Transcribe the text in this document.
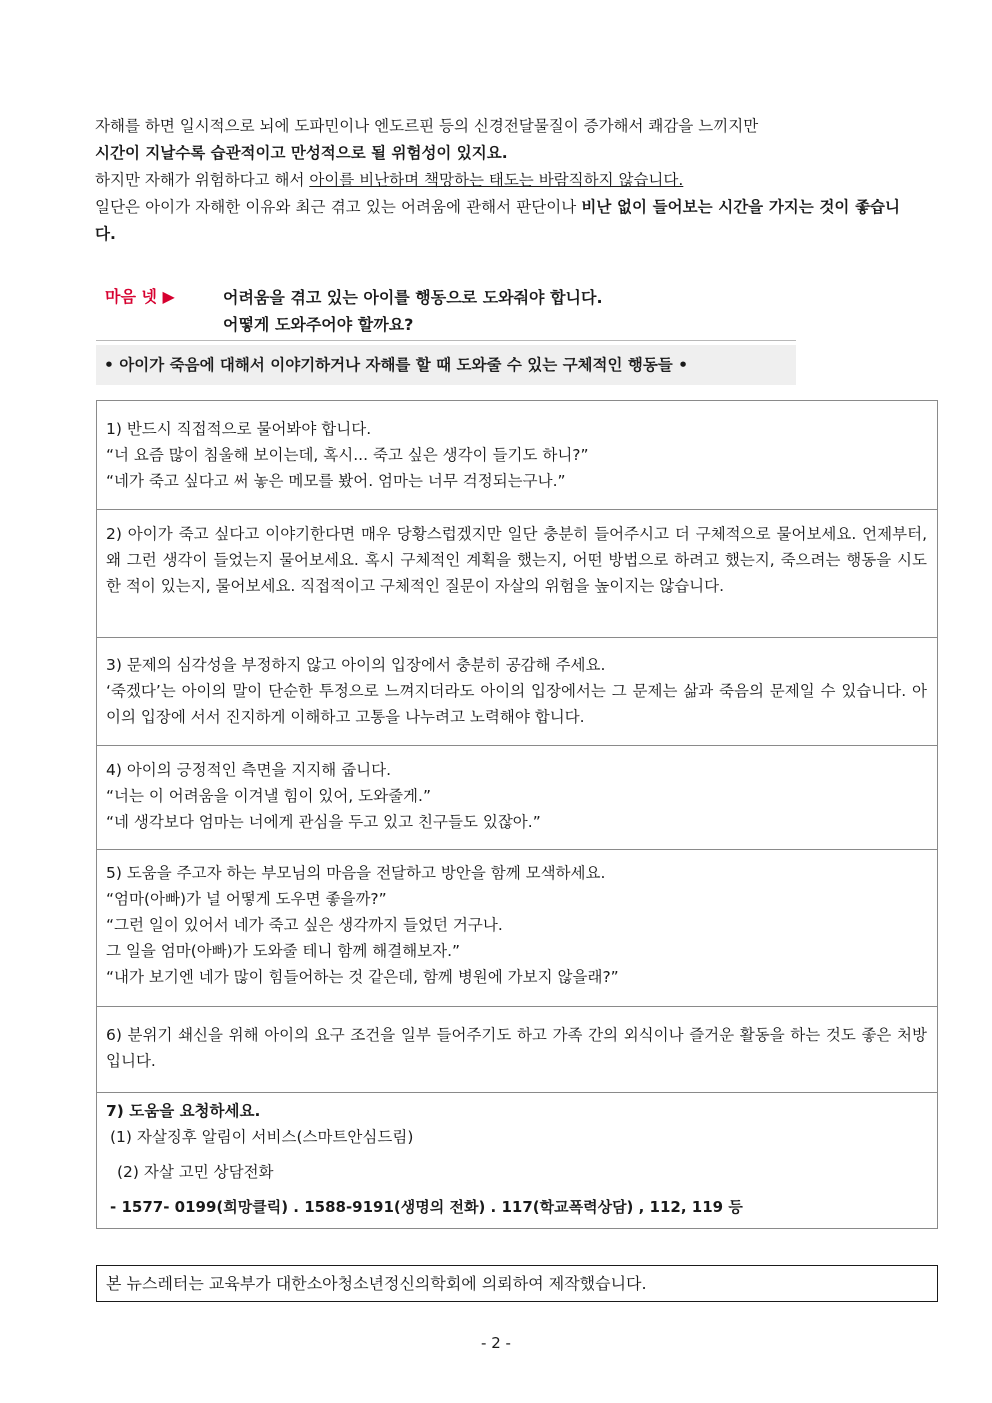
자해를 하면 일시적으로 뇌에 도파민이나 엔도르핀 등의 신경전달물질이 증가해서 쾌감을 느끼지만
시간이 지날수록 습관적이고 만성적으로 될 위험성이 있지요.

하지만 자해가 위험하다고 해서 아이를 비난하며 책망하는 태도는 바람직하지 않습니다.

일단은 아이가 자해한 이유와 최근 겪고 있는 어려움에 관해서 판단이나 비난 없이 들어보는 시간을 가지는 것이 좋습니다.

마음 넷 ▶	어려움을 겪고 있는 아이를 행동으로 도와줘야 합니다.
어떻게 도와주어야 할까요?
• 아이가 죽음에 대해서 이야기하거나 자해를 할 때 도와줄 수 있는 구체적인 행동들 •

1) 반드시 직접적으로 물어봐야 합니다.

“너 요즘 많이 침울해 보이는데, 혹시... 죽고 싶은 생각이 들기도 하니?”

“네가 죽고 싶다고 써 놓은 메모를 봤어. 엄마는 너무 걱정되는구나.”

2) 아이가 죽고 싶다고 이야기한다면 매우 당황스럽겠지만 일단 충분히 들어주시고 더 구체적으로 물어보세요. 언제부터, 왜 그런 생각이 들었는지 물어보세요. 혹시 구체적인 계획을 했는지, 어떤 방법으로 하려고 했는지, 죽으려는 행동을 시도한 적이 있는지, 물어보세요. 직접적이고 구체적인 질문이 자살의 위험을 높이지는 않습니다.

3) 문제의 심각성을 부정하지 않고 아이의 입장에서 충분히 공감해 주세요.

‘죽겠다’는 아이의 말이 단순한 투정으로 느껴지더라도 아이의 입장에서는 그 문제는 삶과 죽음의 문제일 수 있습니다. 아이의 입장에 서서 진지하게 이해하고 고통을 나누려고 노력해야 합니다.

4) 아이의 긍정적인 측면을 지지해 줍니다.

“너는 이 어려움을 이겨낼 힘이 있어, 도와줄게.”

“네 생각보다 엄마는 너에게 관심을 두고 있고 친구들도 있잖아.”

5) 도움을 주고자 하는 부모님의 마음을 전달하고 방안을 함께 모색하세요.

“엄마(아빠)가 널 어떻게 도우면 좋을까?”

“그런 일이 있어서 네가 죽고 싶은 생각까지 들었던 거구나.

그 일을 엄마(아빠)가 도와줄 테니 함께 해결해보자.”

“내가 보기엔 네가 많이 힘들어하는 것 같은데, 함께 병원에 가보지 않을래?”

6) 분위기 쇄신을 위해 아이의 요구 조건을 일부 들어주기도 하고 가족 간의 외식이나 즐거운 활동을 하는 것도 좋은 처방입니다.

7) 도움을 요청하세요.

(1) 자살징후 알림이 서비스(스마트안심드림)

(2) 자살 고민 상담전화

- 1577- 0199(희망클릭) . 1588-9191(생명의 전화) . 117(학교폭력상담) , 112, 119 등

본 뉴스레터는 교육부가 대한소아청소년정신의학회에 의뢰하여 제작했습니다.
- 2 -
